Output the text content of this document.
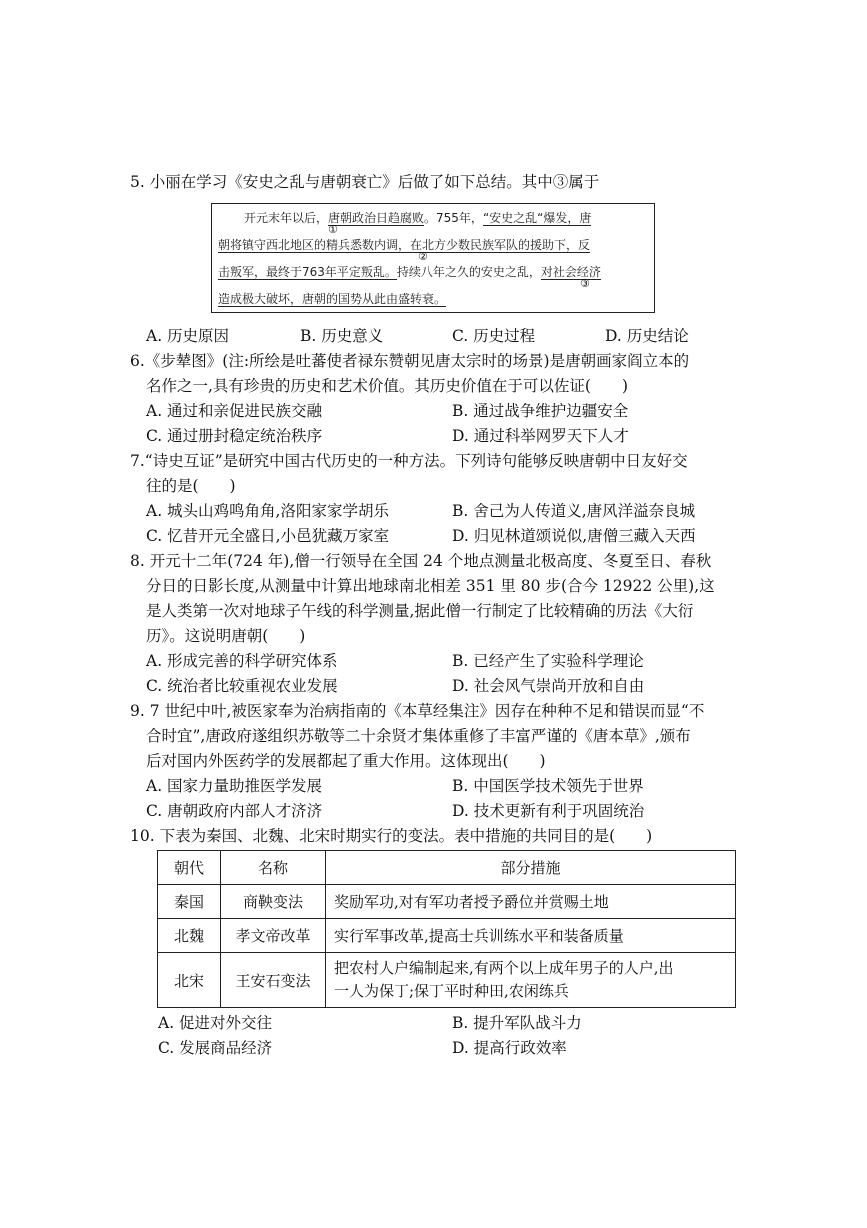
5. 小丽在学习《安史之乱与唐朝衰亡》后做了如下总结。其中③属于
开元末年以后，唐朝政治日趋腐败。755年，“安史之乱“爆发，唐
①
朝将镇守西北地区的精兵悉数内调，在北方少数民族军队的援助下，反
②
击叛军，最终于763年平定叛乱。持续八年之久的安史之乱，对社会经济
③
造成极大破坏，唐朝的国势从此由盛转衰。
A. 历史原因	B. 历史意义	C. 历史过程	D. 历史结论
6.《步辇图》(注:所绘是吐蕃使者禄东赞朝见唐太宗时的场景)是唐朝画家阎立本的
名作之一,具有珍贵的历史和艺术价值。其历史价值在于可以佐证(　　)
A. 通过和亲促进民族交融	B. 通过战争维护边疆安全
C. 通过册封稳定统治秩序	D. 通过科举网罗天下人才
7.“诗史互证”是研究中国古代历史的一种方法。下列诗句能够反映唐朝中日友好交
往的是(　　)
A. 城头山鸡鸣角角,洛阳家家学胡乐	B. 舍己为人传道义,唐风洋溢奈良城
C. 忆昔开元全盛日,小邑犹藏万家室	D. 归见林道颂说似,唐僧三藏入天西
8. 开元十二年(724 年),僧一行领导在全国 24 个地点测量北极高度、冬夏至日、春秋
分日的日影长度,从测量中计算出地球南北相差 351 里 80 步(合今 12922 公里),这
是人类第一次对地球子午线的科学测量,据此僧一行制定了比较精确的历法《大衍
历》。这说明唐朝(　　)
A. 形成完善的科学研究体系	B. 已经产生了实验科学理论
C. 统治者比较重视农业发展	D. 社会风气崇尚开放和自由
9. 7 世纪中叶,被医家奉为治病指南的《本草经集注》因存在种种不足和错误而显“不
合时宜”,唐政府遂组织苏敬等二十余贤才集体重修了丰富严谨的《唐本草》,颁布
后对国内外医药学的发展都起了重大作用。这体现出(　　)
A. 国家力量助推医学发展	B. 中国医学技术领先于世界
C. 唐朝政府内部人才济济	D. 技术更新有利于巩固统治
10. 下表为秦国、北魏、北宋时期实行的变法。表中措施的共同目的是(　　)
朝代	名称	部分措施
秦国	商鞅变法	奖励军功,对有军功者授予爵位并赏赐土地
北魏	孝文帝改革	实行军事改革,提高士兵训练水平和装备质量
北宋	王安石变法	把农村人户编制起来,有两个以上成年男子的人户,出
一人为保丁;保丁平时种田,农闲练兵
A. 促进对外交往	B. 提升军队战斗力
C. 发展商品经济	D. 提高行政效率
